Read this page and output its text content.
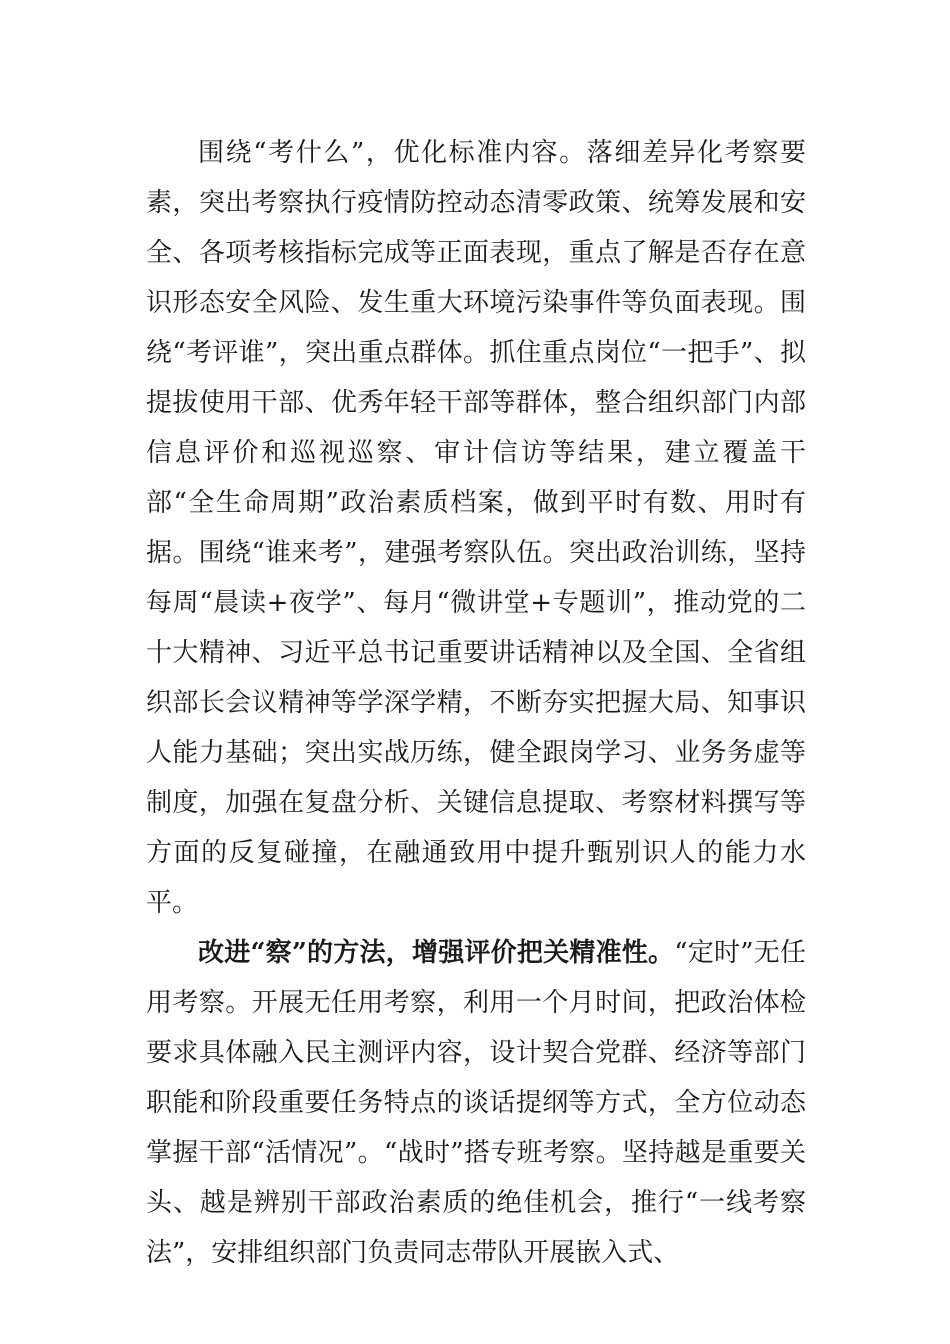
围绕“考什么”，优化标准内容。落细差异化考察要素，突出考察执行疫情防控动态清零政策、统筹发展和安全、各项考核指标完成等正面表现，重点了解是否存在意识形态安全风险、发生重大环境污染事件等负面表现。围绕“考评谁”，突出重点群体。抓住重点岗位“一把手”、拟提拔使用干部、优秀年轻干部等群体，整合组织部门内部信息评价和巡视巡察、审计信访等结果，建立覆盖干部“全生命周期”政治素质档案，做到平时有数、用时有据。围绕“谁来考”，建强考察队伍。突出政治训练，坚持每周“晨读+夜学”、每月“微讲堂+专题训”，推动党的二十大精神、习近平总书记重要讲话精神以及全国、全省组织部长会议精神等学深学精，不断夯实把握大局、知事识人能力基础；突出实战历练，健全跟岗学习、业务务虚等制度，加强在复盘分析、关键信息提取、考察材料撰写等方面的反复碰撞，在融通致用中提升甄别识人的能力水平。

改进“察”的方法，增强评价把关精准性。“定时”无任用考察。开展无任用考察，利用一个月时间，把政治体检要求具体融入民主测评内容，设计契合党群、经济等部门职能和阶段重要任务特点的谈话提纲等方式，全方位动态掌握干部“活情况”。“战时”搭专班考察。坚持越是重要关头、越是辨别干部政治素质的绝佳机会，推行“一线考察法”，安排组织部门负责同志带队开展嵌入式、
